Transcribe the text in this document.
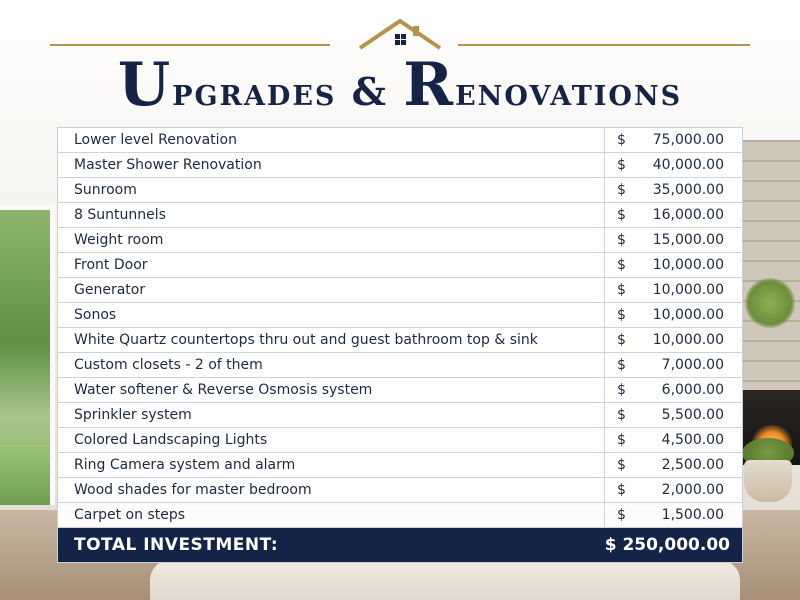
Upgrades & Renovations
Lower level Renovation	$	75,000.00
Master Shower Renovation	$	40,000.00
Sunroom	$	35,000.00
8 Suntunnels	$	16,000.00
Weight room	$	15,000.00
Front Door	$	10,000.00
Generator	$	10,000.00
Sonos	$	10,000.00
White Quartz countertops thru out and guest bathroom top & sink	$	10,000.00
Custom closets - 2 of them	$	7,000.00
Water softener & Reverse Osmosis system	$	6,000.00
Sprinkler system	$	5,500.00
Colored Landscaping Lights	$	4,500.00
Ring Camera system and alarm	$	2,500.00
Wood shades for master bedroom	$	2,000.00
Carpet on steps	$	1,500.00
TOTAL INVESTMENT:	$ 250,000.00	
